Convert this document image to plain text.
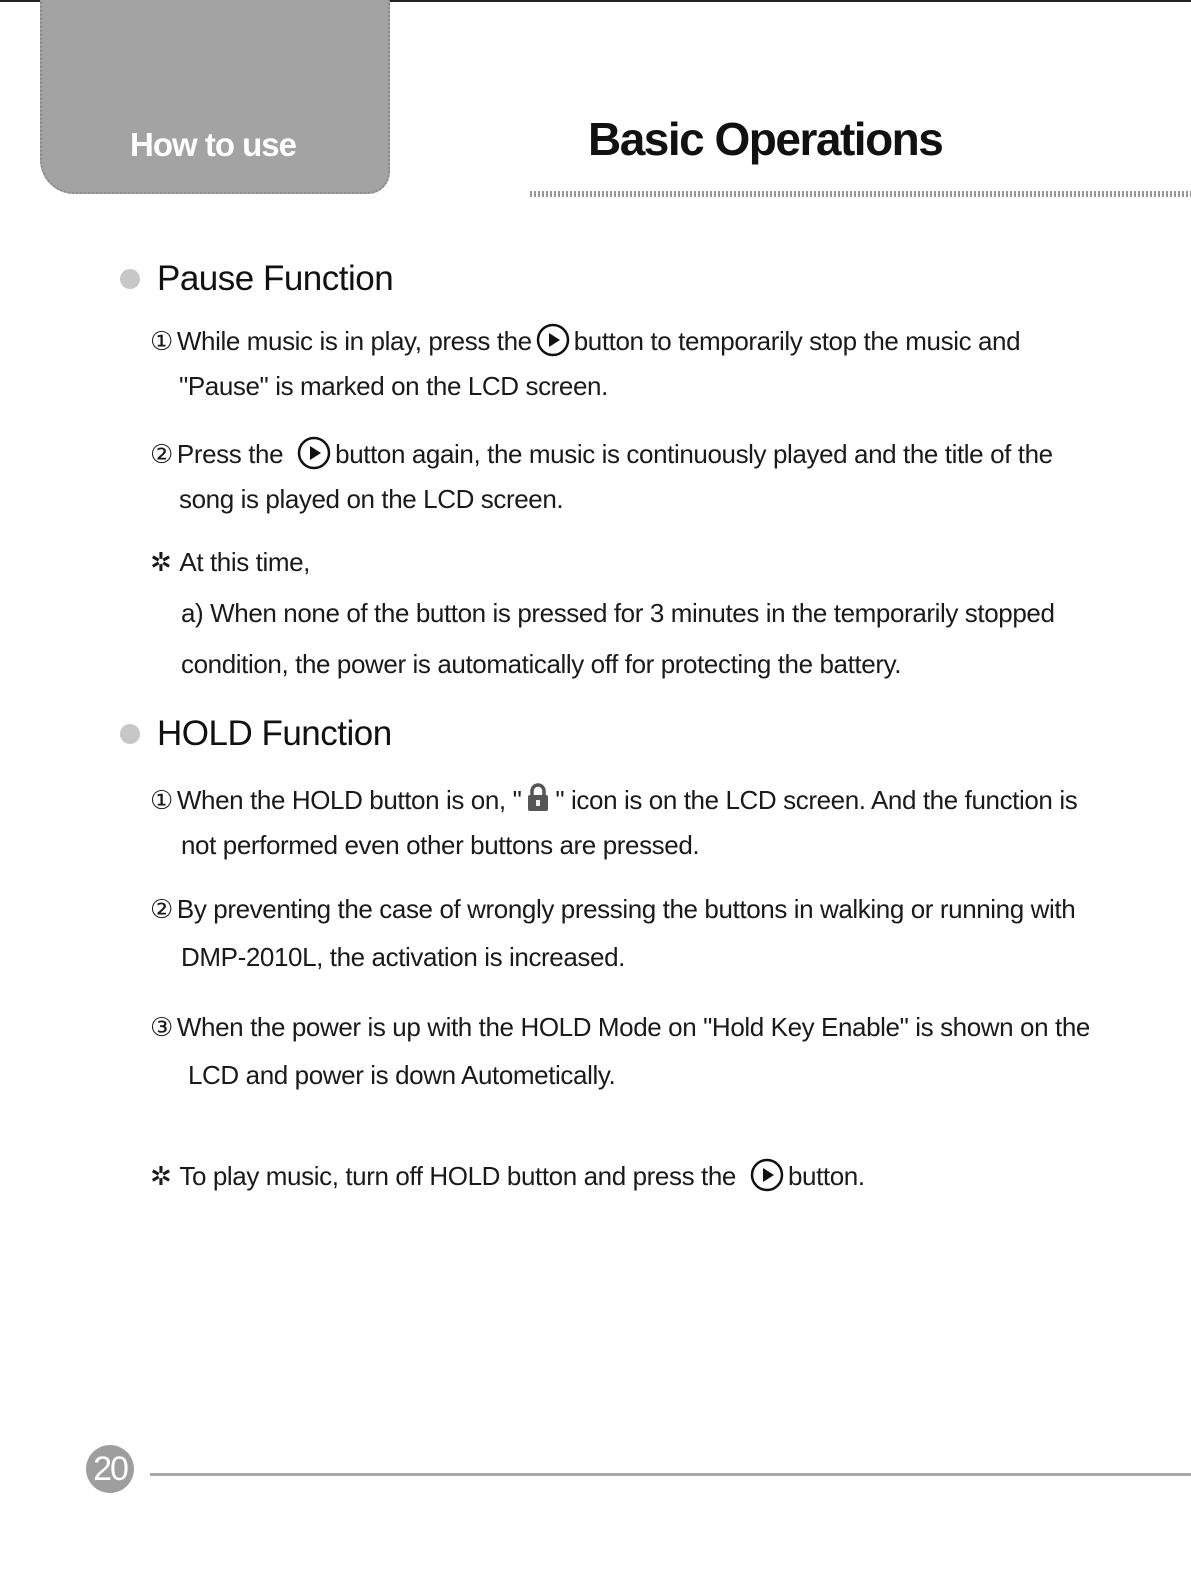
How to use	Basic Operations
Pause Function
① While music is in play, press the button to temporarily stop the music and
"Pause" is marked on the LCD screen.
② Press the button again, the music is continuously played and the title of the
song is played on the LCD screen.
✲ At this time,
a) When none of the button is pressed for 3 minutes in the temporarily stopped
condition, the power is automatically off for protecting the battery.
HOLD Function
① When the HOLD button is on, " " icon is on the LCD screen. And the function is
not performed even other buttons are pressed.
② By preventing the case of wrongly pressing the buttons in walking or running with
DMP-2010L, the activation is increased.
③ When the power is up with the HOLD Mode on "Hold Key Enable" is shown on the
LCD and power is down Autometically.
✲ To play music, turn off HOLD button and press the button.
20
